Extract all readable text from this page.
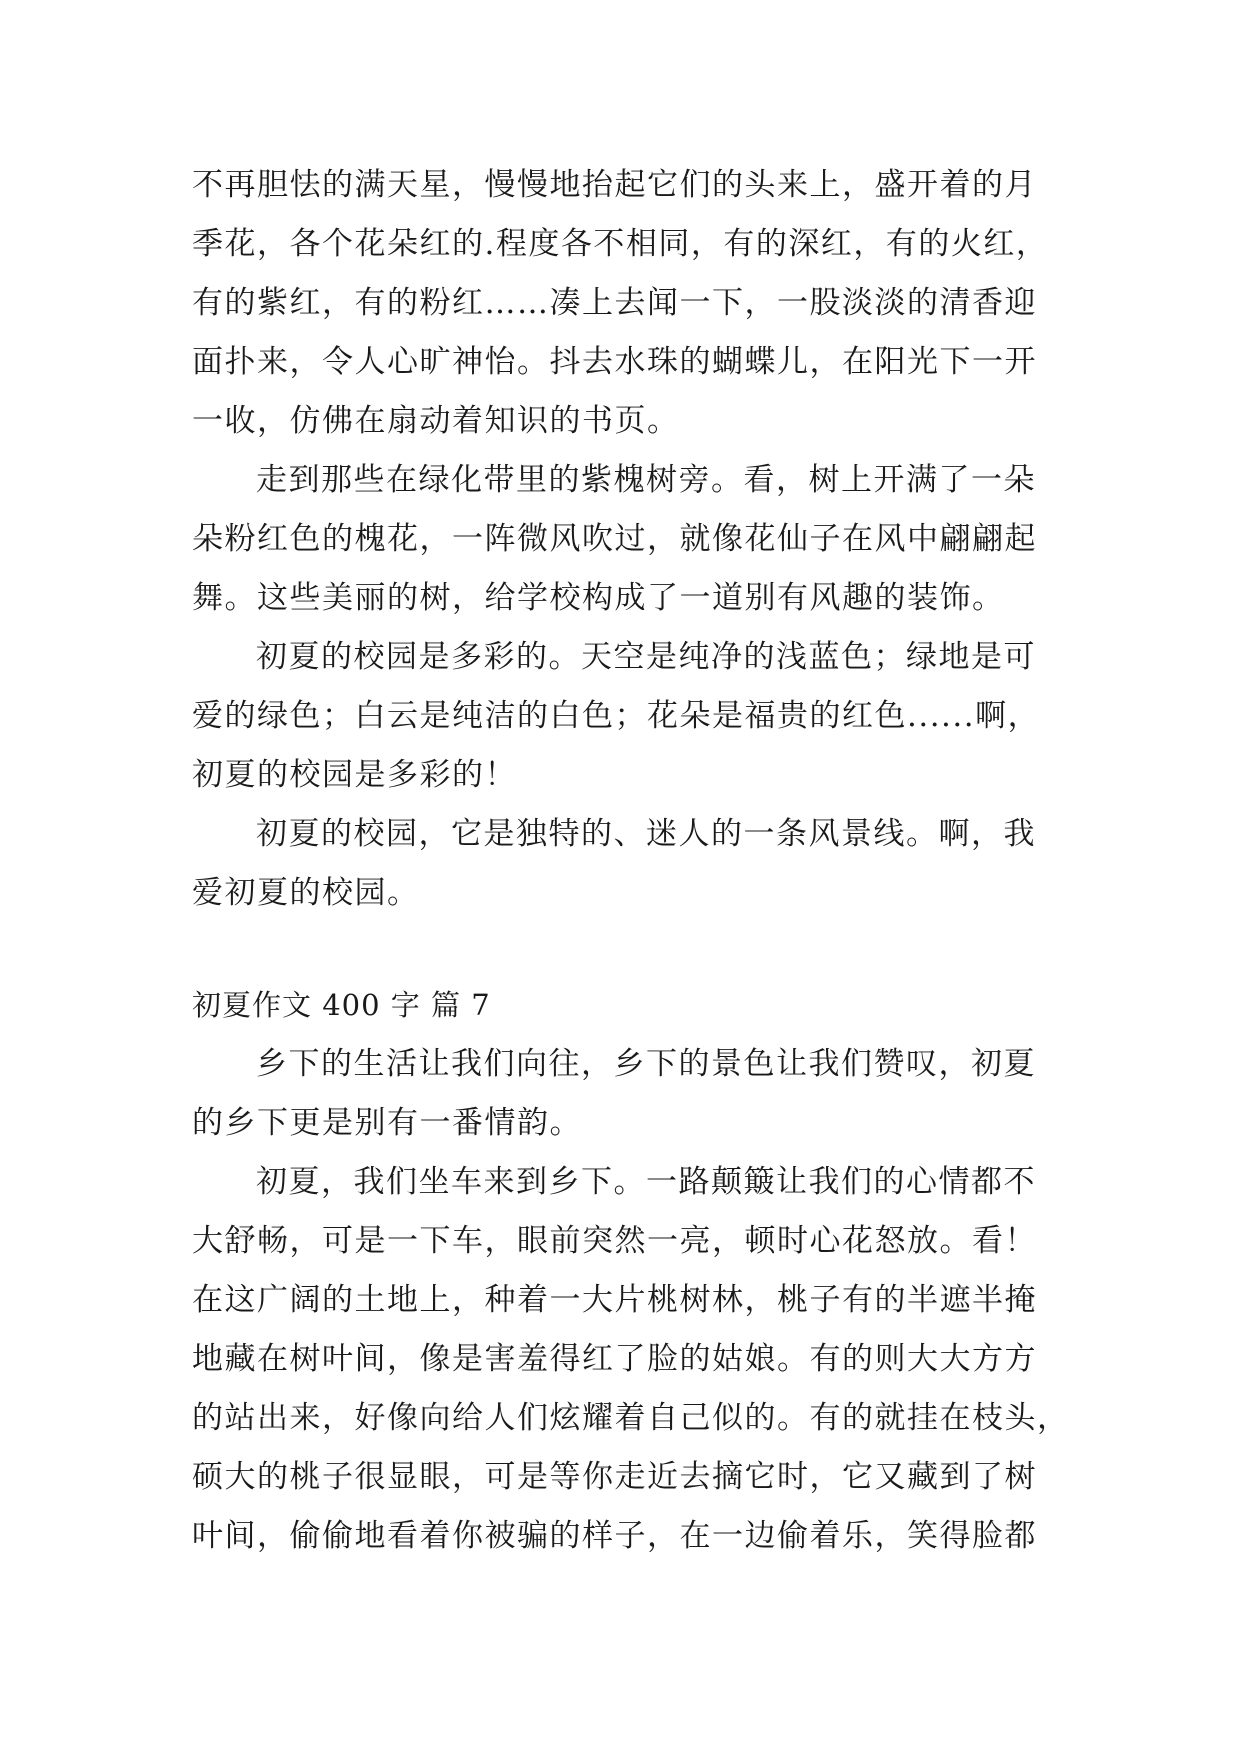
不再胆怯的满天星，慢慢地抬起它们的头来上，盛开着的月
季花，各个花朵红的.程度各不相同，有的深红，有的火红，
有的紫红，有的粉红……凑上去闻一下，一股淡淡的清香迎
面扑来，令人心旷神怡。抖去水珠的蝴蝶儿，在阳光下一开
一收，仿佛在扇动着知识的书页。
走到那些在绿化带里的紫槐树旁。看，树上开满了一朵
朵粉红色的槐花，一阵微风吹过，就像花仙子在风中翩翩起
舞。这些美丽的树，给学校构成了一道别有风趣的装饰。
初夏的校园是多彩的。天空是纯净的浅蓝色；绿地是可
爱的绿色；白云是纯洁的白色；花朵是福贵的红色......啊，
初夏的校园是多彩的！
初夏的校园，它是独特的、迷人的一条风景线。啊，我
爱初夏的校园。
初夏作文 400 字 篇 7
乡下的生活让我们向往，乡下的景色让我们赞叹，初夏
的乡下更是别有一番情韵。
初夏，我们坐车来到乡下。一路颠簸让我们的心情都不
大舒畅，可是一下车，眼前突然一亮，顿时心花怒放。看！
在这广阔的土地上，种着一大片桃树林，桃子有的半遮半掩
地藏在树叶间，像是害羞得红了脸的姑娘。有的则大大方方
的站出来，好像向给人们炫耀着自己似的。有的就挂在枝头，
硕大的桃子很显眼，可是等你走近去摘它时，它又藏到了树
叶间，偷偷地看着你被骗的样子，在一边偷着乐，笑得脸都
